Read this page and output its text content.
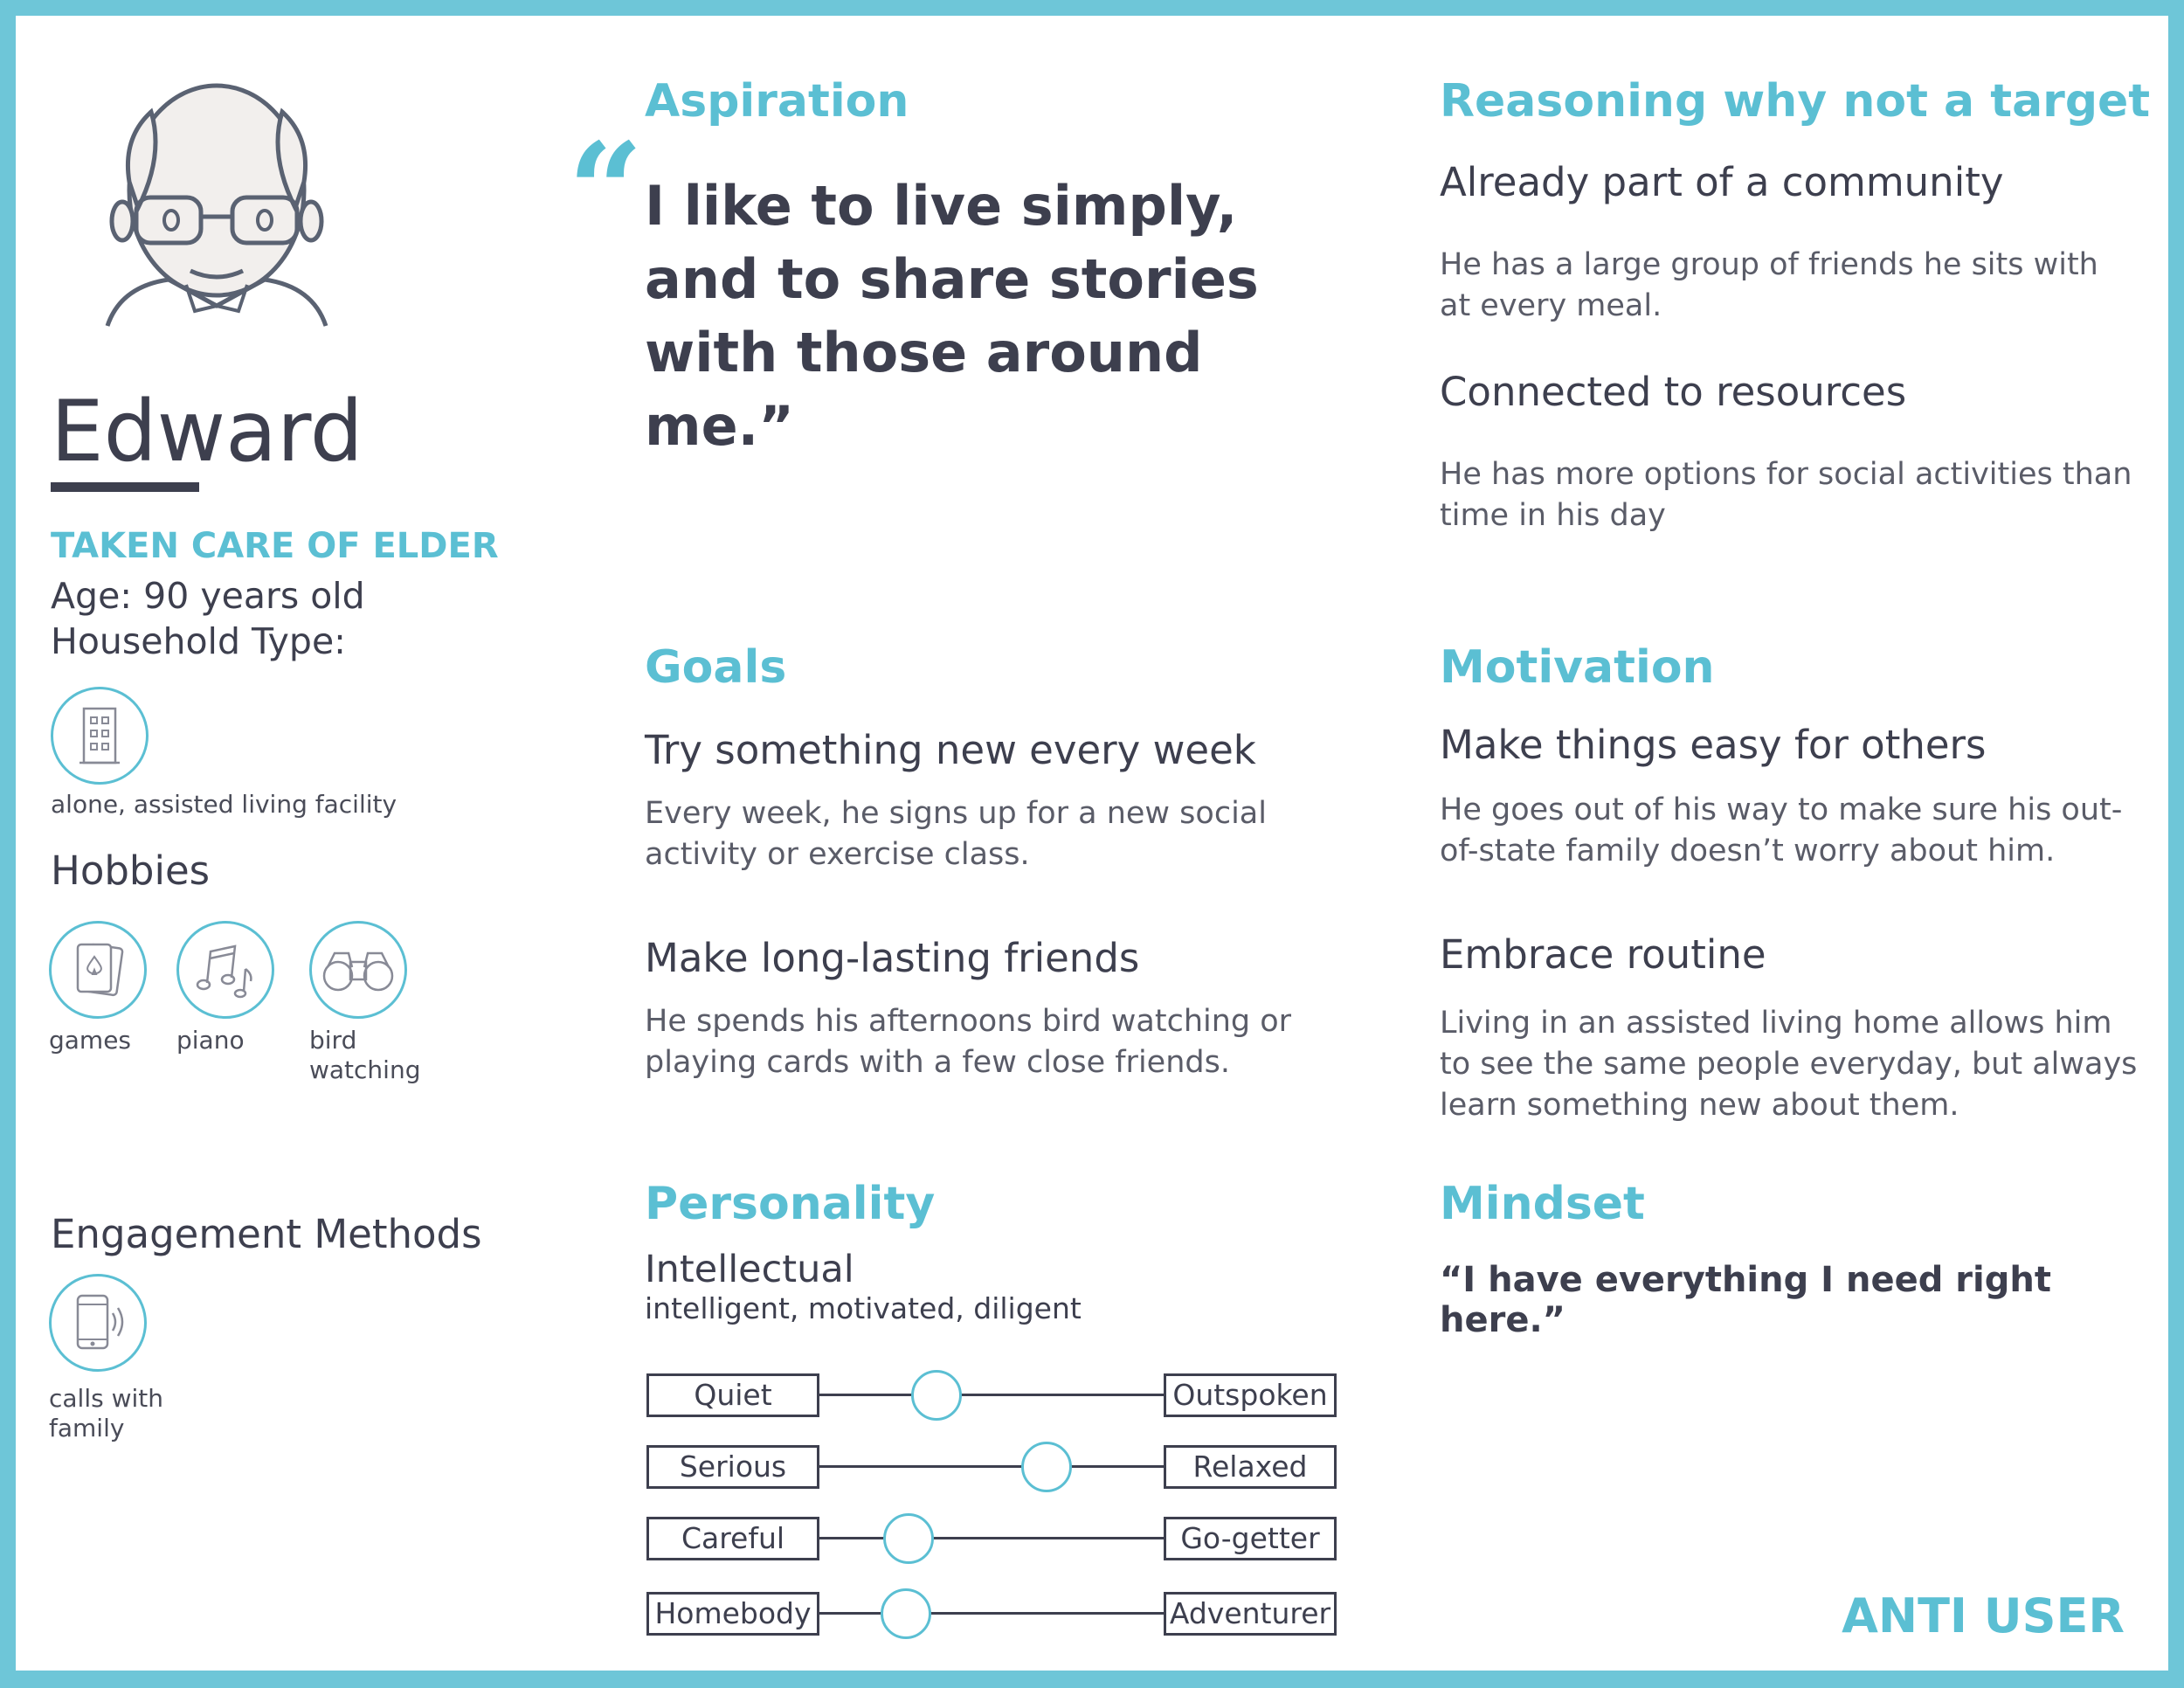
Edward
TAKEN CARE OF ELDER
Age: 90 years old
Household Type:
alone, assisted living facility
Hobbies
games piano	bird watching
Engagement Methods
calls with family
Aspiration
“ I like to live simply, and to share stories with those around me.”
Reasoning why not a target
Already part of a community
He has a large group of friends he sits with at every meal.
Connected to resources
He has more options for social activities than time in his day
Goals
Try something new every week
Every week, he signs up for a new social activity or exercise class.
Make long-lasting friends
He spends his afternoons bird watching or playing cards with a few close friends.
Motivation
Make things easy for others
He goes out of his way to make sure his out-of-state family doesn’t worry about him.
Embrace routine
Living in an assisted living home allows him to see the same people everyday, but always learn something new about them.
Personality
Intellectual
intelligent, motivated, diligent
Quiet	Outspoken
Serious	Relaxed
Careful	Go-getter
Homebody	Adventurer
Mindset
“I have everything I need right here.”
ANTI USER
